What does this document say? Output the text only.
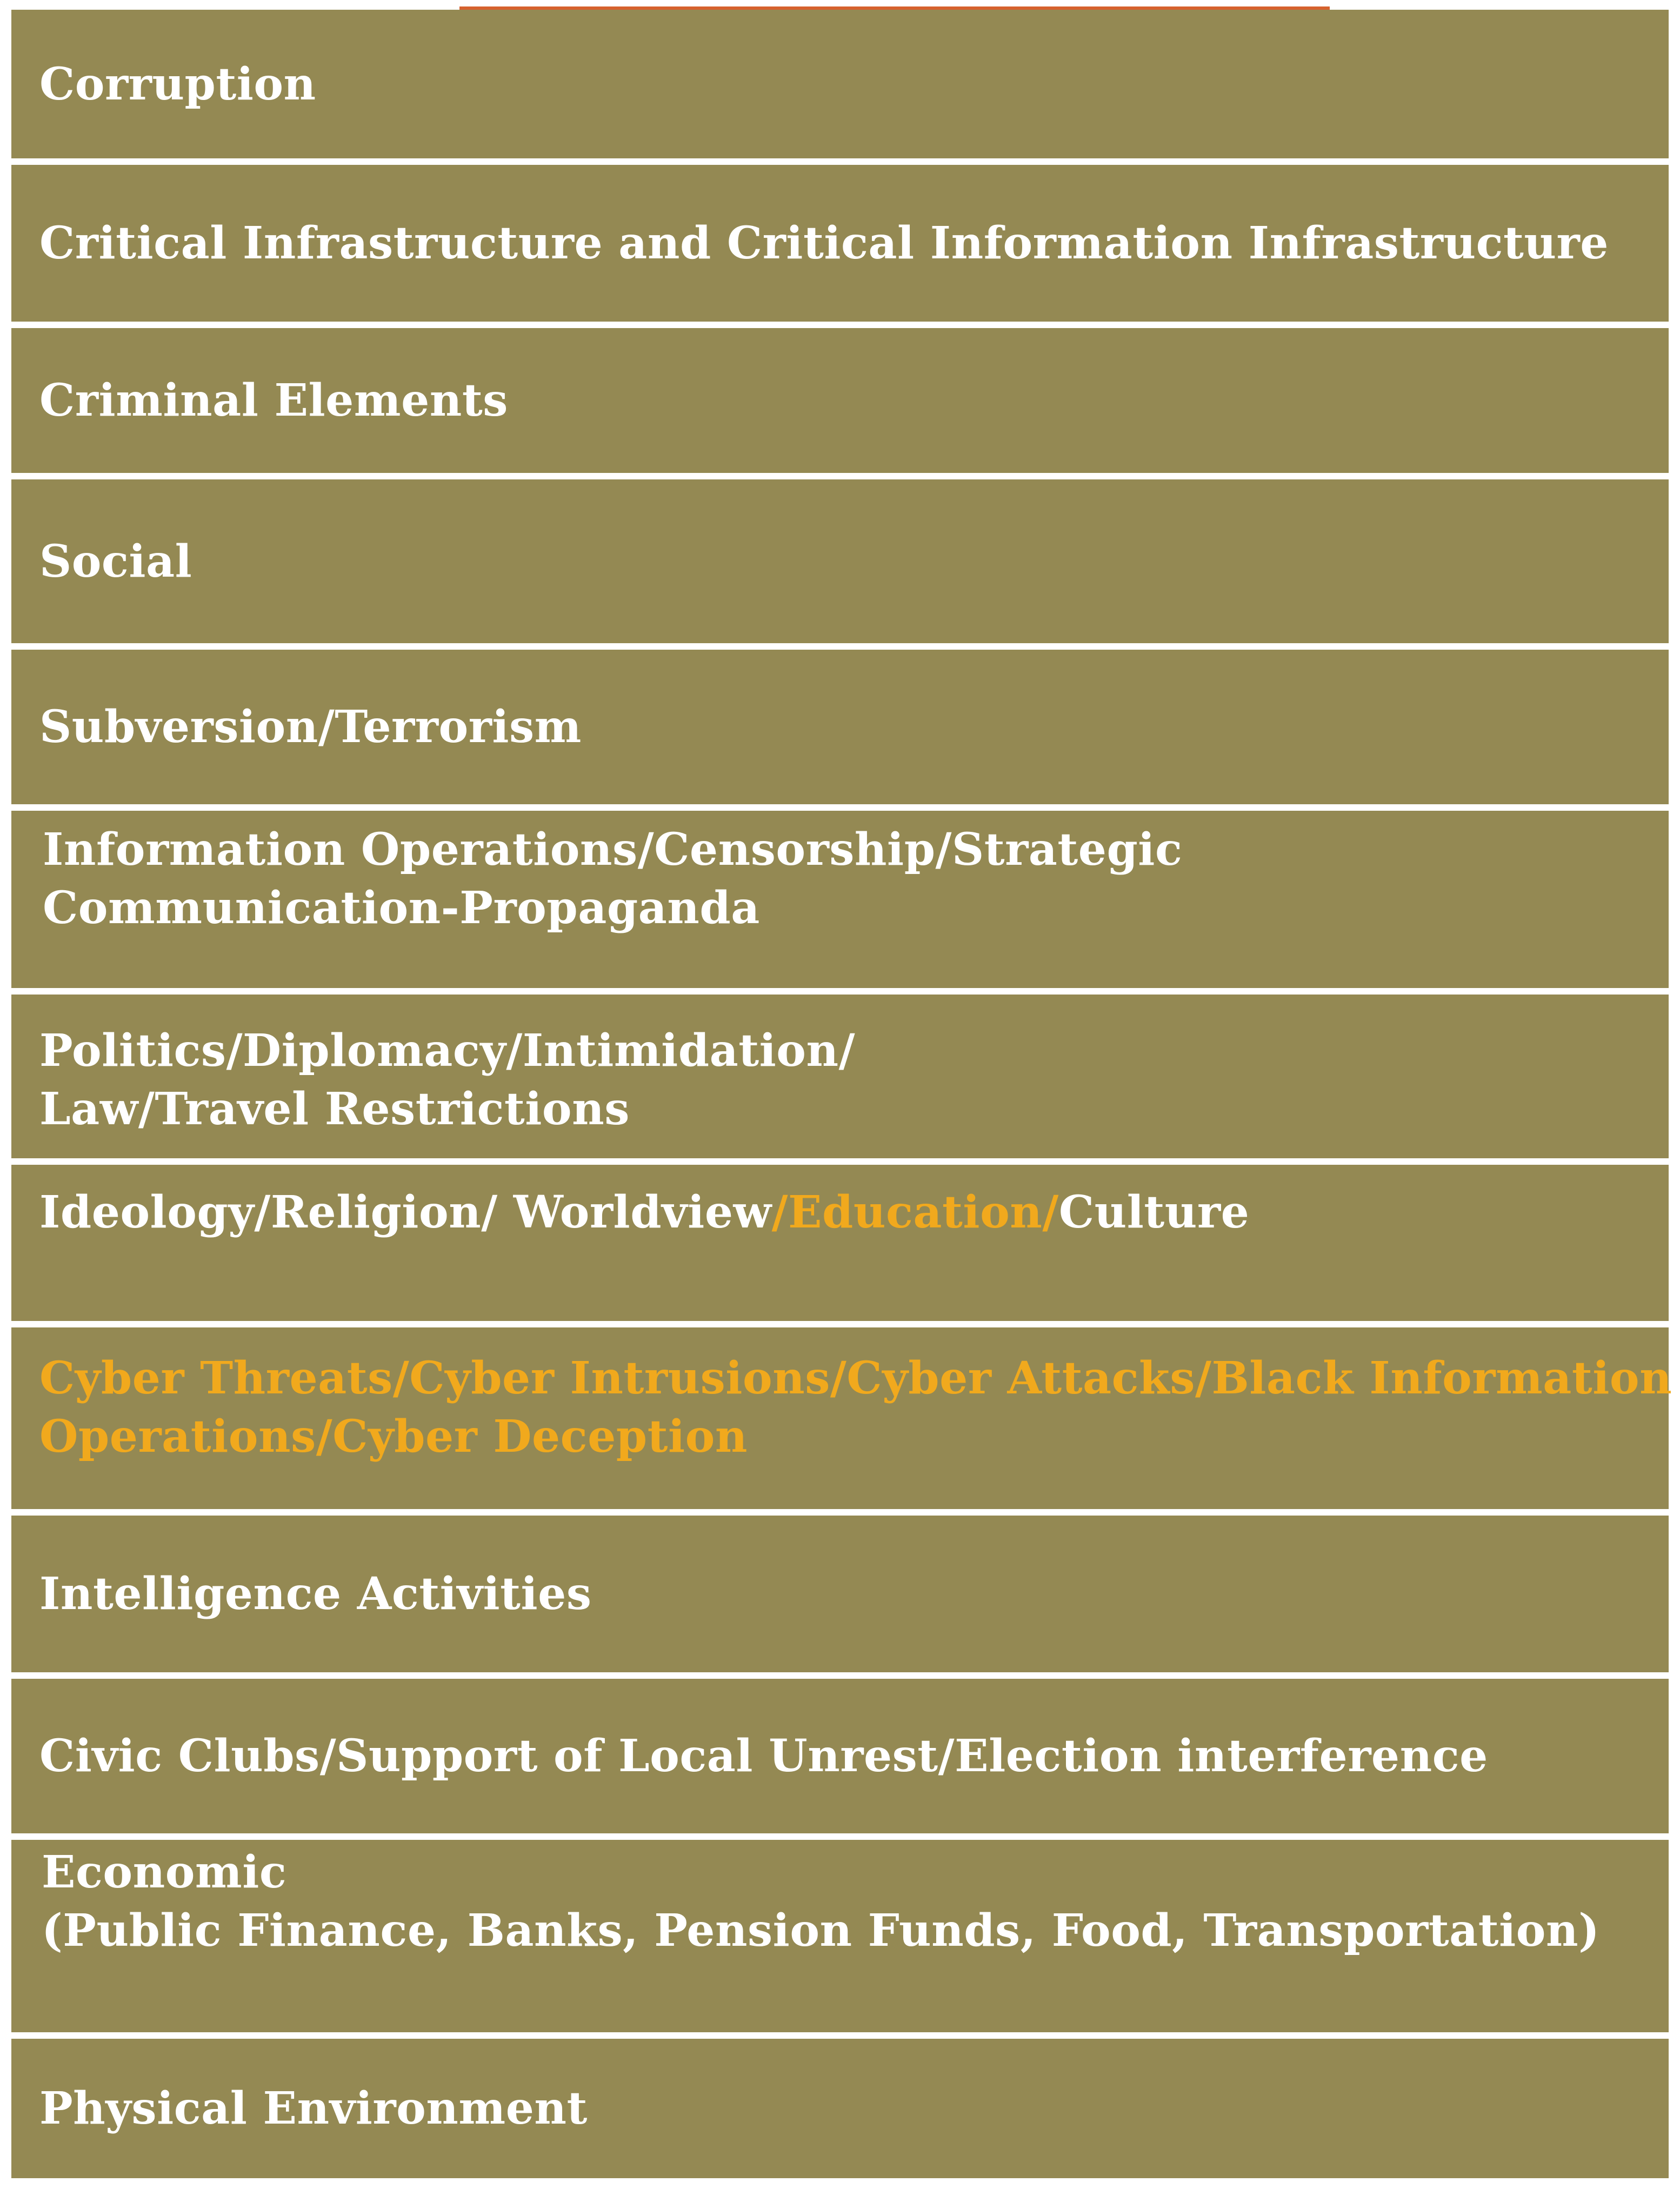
Corruption
Critical Infrastructure and Critical Information Infrastructure
Criminal Elements
Social
Subversion/Terrorism
Information Operations/Censorship/Strategic
Communication-Propaganda
Politics/Diplomacy/Intimidation/
Law/Travel Restrictions
Ideology/Religion/ Worldview/Education/Culture
Cyber Threats/Cyber Intrusions/Cyber Attacks/Black Information
Operations/Cyber Deception
Intelligence Activities
Civic Clubs/Support of Local Unrest/Election interference
Economic
(Public Finance, Banks, Pension Funds, Food, Transportation)
Physical Environment
